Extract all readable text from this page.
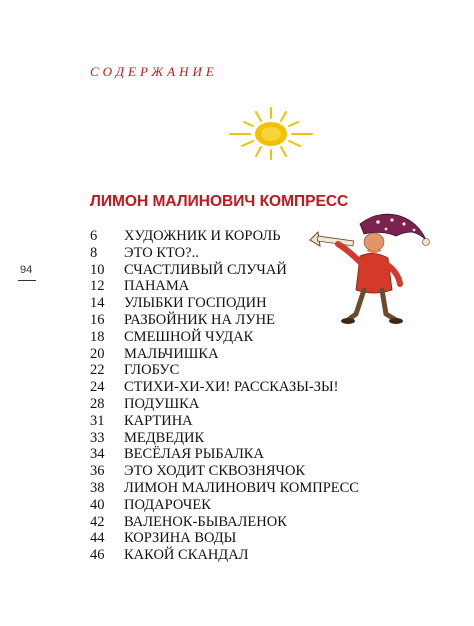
СОДЕРЖАНИЕ
ЛИМОН МАЛИНОВИЧ КОМПРЕСС
94
6	ХУДОЖНИК И КОРОЛЬ
8	ЭТО КТО?..
10	СЧАСТЛИВЫЙ СЛУЧАЙ
12	ПАНАМА
14	УЛЫБКИ ГОСПОДИН
16	РАЗБОЙНИК НА ЛУНЕ
18	СМЕШНОЙ ЧУДАК
20	МАЛЬЧИШКА
22	ГЛОБУС
24	СТИХИ-ХИ-ХИ! РАССКАЗЫ-ЗЫ!
28	ПОДУШКА
31	КАРТИНА
33	МЕДВЕДИК
34	ВЕСЁЛАЯ РЫБАЛКА
36	ЭТО ХОДИТ СКВОЗНЯЧОК
38	ЛИМОН МАЛИНОВИЧ КОМПРЕСС
40	ПОДАРОЧЕК
42	ВАЛЕНОК-БЫВАЛЕНОК
44	КОРЗИНА ВОДЫ
46	КАКОЙ СКАНДАЛ
